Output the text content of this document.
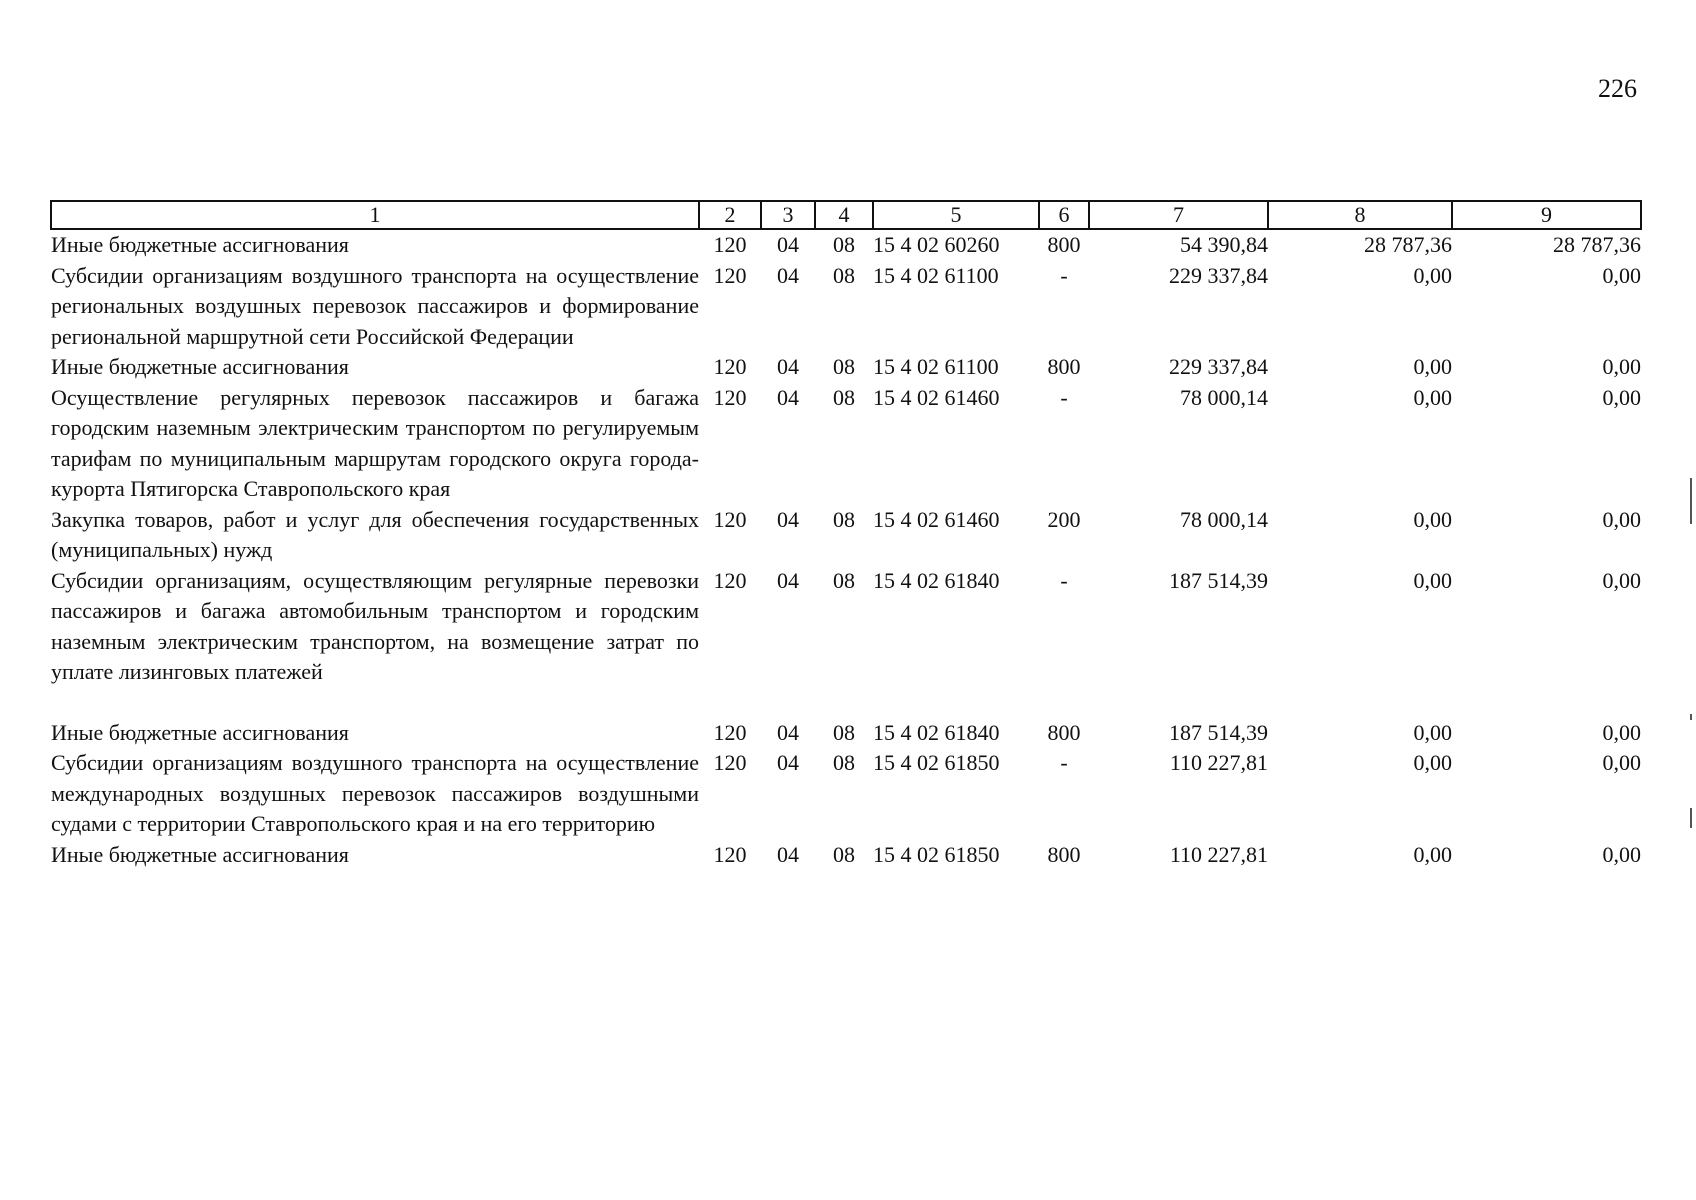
226
1	2	3	4	5	6	7	8	9
Иные бюджетные ассигнования	120	04	08	15 4 02 60260	800	54 390,84	28 787,36	28 787,36
Субсидии организациям воздушного транспорта на осуществление региональных воздушных перевозок пассажиров и формирование региональной маршрутной сети Российской Федерации	120	04	08	15 4 02 61100	-	229 337,84	0,00	0,00
Иные бюджетные ассигнования	120	04	08	15 4 02 61100	800	229 337,84	0,00	0,00
Осуществление регулярных перевозок пассажиров и багажа городским наземным электрическим транспортом по регулируемым тарифам по муниципальным маршрутам городского округа города-курорта Пятигорска Ставропольского края	120	04	08	15 4 02 61460	-	78 000,14	0,00	0,00
Закупка товаров, работ и услуг для обеспечения государственных (муниципальных) нужд	120	04	08	15 4 02 61460	200	78 000,14	0,00	0,00
Субсидии организациям, осуществляющим регулярные перевозки пассажиров и багажа автомобильным транспортом и городским наземным электрическим транспортом, на возмещение затрат по уплате лизинговых платежей	120	04	08	15 4 02 61840	-	187 514,39	0,00	0,00
Иные бюджетные ассигнования	120	04	08	15 4 02 61840	800	187 514,39	0,00	0,00
Субсидии организациям воздушного транспорта на осуществление международных воздушных перевозок пассажиров воздушными судами с территории Ставропольского края и на его территорию	120	04	08	15 4 02 61850	-	110 227,81	0,00	0,00
Иные бюджетные ассигнования	120	04	08	15 4 02 61850	800	110 227,81	0,00	0,00
